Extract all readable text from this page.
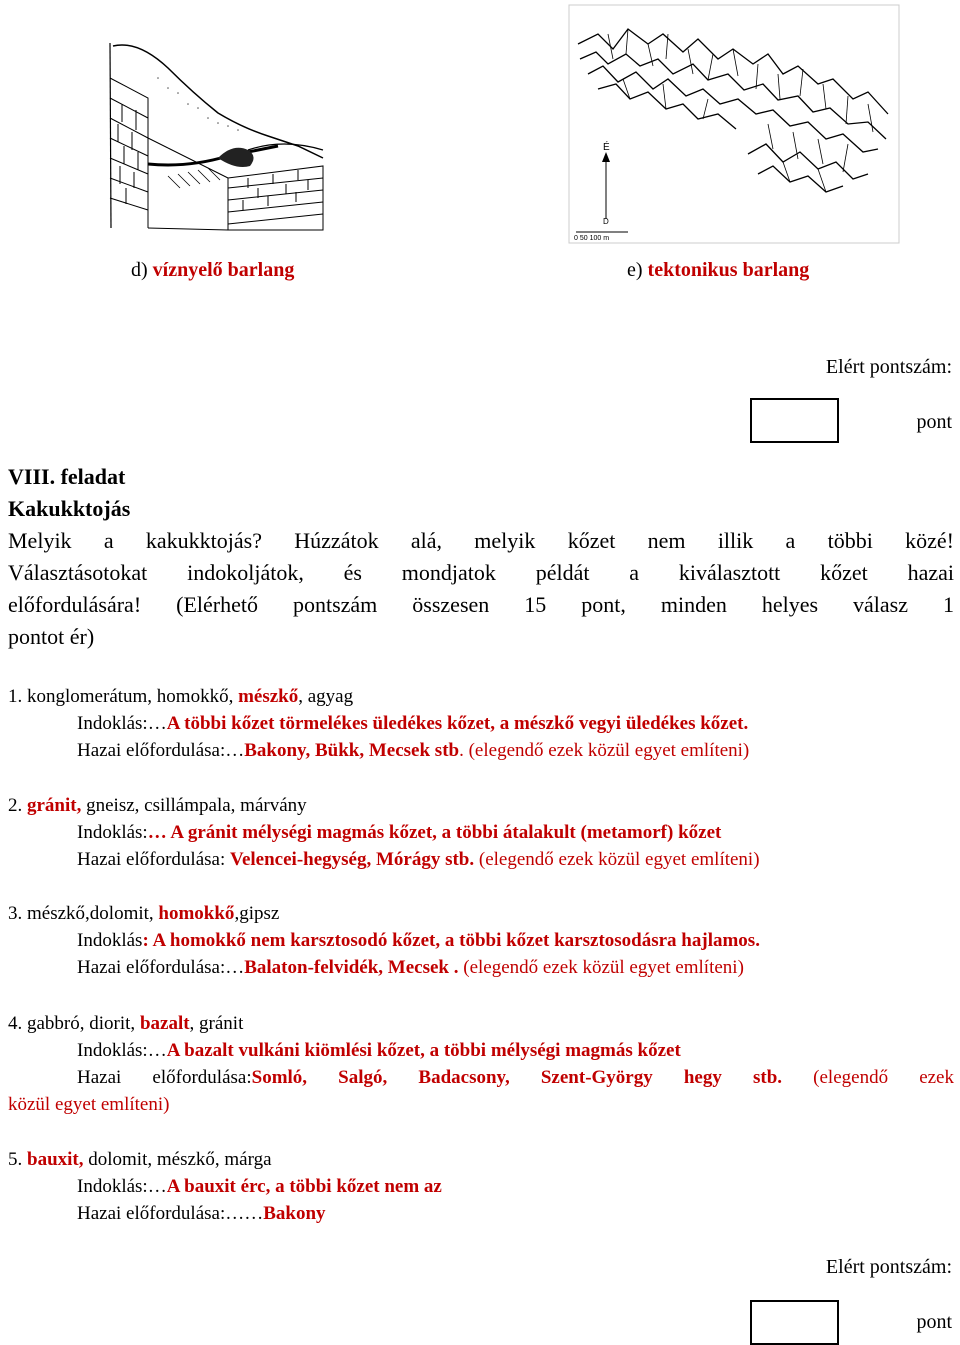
É
D
0 50 100 m
d) víznyelő barlang	e) tektonikus barlang
Elért pontszám:
pont

VIII. feladat

Kakukktojás

Melyik a kakukktojás? Húzzátok alá, melyik kőzet nem illik a többi közé!

Választásotokat indokoljátok, és mondjatok példát a kiválasztott kőzet hazai

előfordulására! (Elérhető pontszám összesen 15 pont, minden helyes válasz 1

pontot ér)

1. konglomerátum, homokkő, mészkő, agyag
Indoklás:…A többi kőzet törmelékes üledékes kőzet, a mészkő vegyi üledékes kőzet.
Hazai előfordulása:…Bakony, Bükk, Mecsek stb. (elegendő ezek közül egyet említeni)
2. gránit, gneisz, csillámpala, márvány
Indoklás:… A gránit mélységi magmás kőzet, a többi átalakult (metamorf) kőzet
Hazai előfordulása: Velencei-hegység, Mórágy stb. (elegendő ezek közül egyet említeni)
3. mészkő,dolomit, homokkő,gipsz
Indoklás: A homokkő nem karsztosodó kőzet, a többi kőzet karsztosodásra hajlamos.
Hazai előfordulása:…Balaton-felvidék, Mecsek . (elegendő ezek közül egyet említeni)
4. gabbró, diorit, bazalt, gránit
Indoklás:…A bazalt vulkáni kiömlési kőzet, a többi mélységi magmás kőzet
Hazai előfordulása:Somló, Salgó, Badacsony, Szent-György hegy stb. (elegendő ezek
közül egyet említeni)
5. bauxit, dolomit, mészkő, márga
Indoklás:…A bauxit érc, a többi kőzet nem az
Hazai előfordulása:……Bakony
Elért pontszám:
pont
